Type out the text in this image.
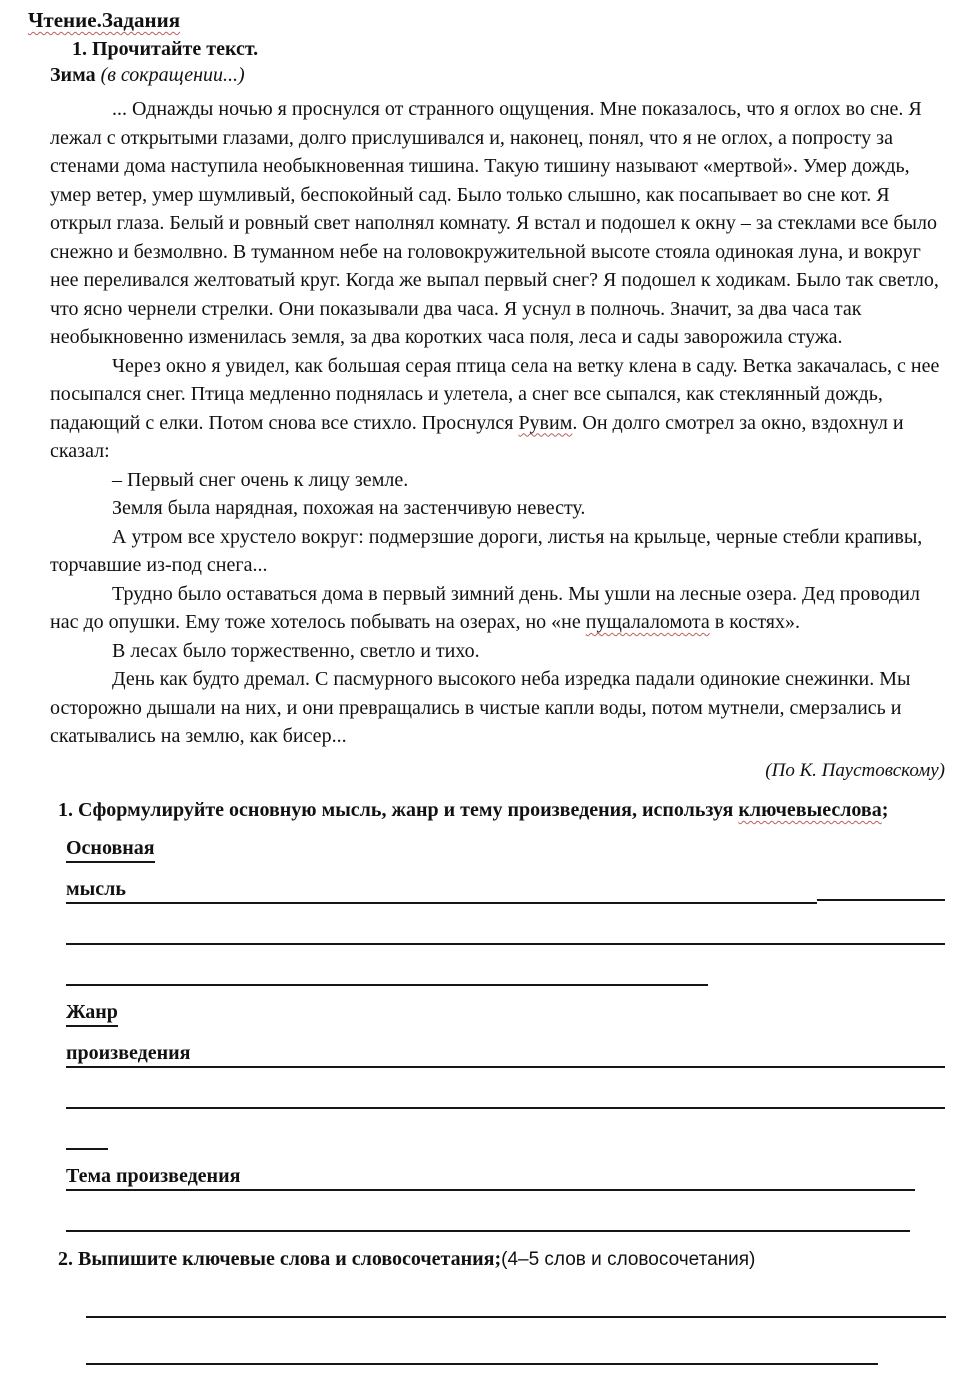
Чтение.Задания
1. Прочитайте текст.
Зима (в сокращении...)

... Однажды ночью я проснулся от странного ощущения. Мне показалось, что я оглох во сне. Я лежал с открытыми глазами, долго прислушивался и, наконец, понял, что я не оглох, а попросту за стенами дома наступила необыкновенная тишина. Такую тишину называют «мертвой». Умер дождь, умер ветер, умер шумливый, беспокойный сад. Было только слышно, как посапывает во сне кот. Я открыл глаза. Белый и ровный свет наполнял комнату. Я встал и подошел к окну – за стеклами все было снежно и безмолвно. В туманном небе на головокружительной высоте стояла одинокая луна, и вокруг нее переливался желтоватый круг. Когда же выпал первый снег? Я подошел к ходикам. Было так светло, что ясно чернели стрелки. Они показывали два часа. Я уснул в полночь. Значит, за два часа так необыкновенно изменилась земля, за два коротких часа поля, леса и сады заворожила стужа.

Через окно я увидел, как большая серая птица села на ветку клена в саду. Ветка закачалась, с нее посыпался снег. Птица медленно поднялась и улетела, а снег все сыпался, как стеклянный дождь, падающий с елки. Потом снова все стихло. Проснулся Рувим. Он долго смотрел за окно, вздохнул и сказал:

– Первый снег очень к лицу земле.

Земля была нарядная, похожая на застенчивую невесту.

А утром все хрустело вокруг: подмерзшие дороги, листья на крыльце, черные стебли крапивы, торчавшие из-под снега...

Трудно было оставаться дома в первый зимний день. Мы ушли на лесные озера. Дед проводил нас до опушки. Ему тоже хотелось побывать на озерах, но «не пущалаломота в костях».

В лесах было торжественно, светло и тихо.

День как будто дремал. С пасмурного высокого неба изредка падали одинокие снежинки. Мы осторожно дышали на них, и они превращались в чистые капли воды, потом мутнели, смерзались и скатывались на землю, как бисер...

(По К. Паустовскому)
1. Сформулируйте основную мысль, жанр и тему произведения, используя ключевыеслова;
Основная
мысль
Жанр
произведения
Тема произведения
2. Выпишите ключевые слова и словосочетания;(4–5 слов и словосочетания)
